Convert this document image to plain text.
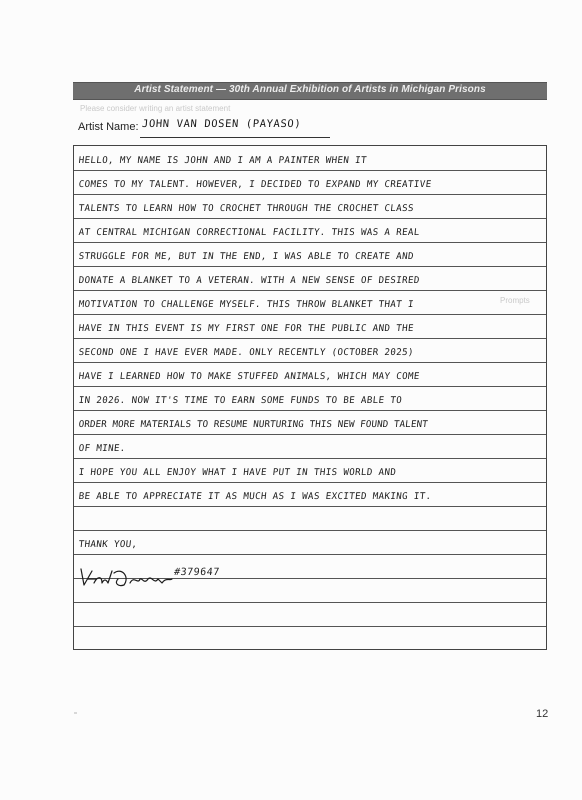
Please consider writing an artist statement
Prompts
Artist Statement — 30th Annual Exhibition of Artists in Michigan Prisons
Artist Name: JOHN VAN DOSEN (PAYASO)
HELLO, MY NAME IS JOHN AND I AM A PAINTER WHEN IT
COMES TO MY TALENT. HOWEVER, I DECIDED TO EXPAND MY CREATIVE
TALENTS TO LEARN HOW TO CROCHET THROUGH THE CROCHET CLASS
AT CENTRAL MICHIGAN CORRECTIONAL FACILITY. THIS WAS A REAL
STRUGGLE FOR ME, BUT IN THE END, I WAS ABLE TO CREATE AND
DONATE A BLANKET TO A VETERAN. WITH A NEW SENSE OF DESIRED
MOTIVATION TO CHALLENGE MYSELF. THIS THROW BLANKET THAT I
HAVE IN THIS EVENT IS MY FIRST ONE FOR THE PUBLIC AND THE
SECOND ONE I HAVE EVER MADE. ONLY RECENTLY (OCTOBER 2025)
HAVE I LEARNED HOW TO MAKE STUFFED ANIMALS, WHICH MAY COME
IN 2026. NOW IT'S TIME TO EARN SOME FUNDS TO BE ABLE TO
ORDER MORE MATERIALS TO RESUME NURTURING THIS NEW FOUND TALENT
OF MINE.
I HOPE YOU ALL ENJOY WHAT I HAVE PUT IN THIS WORLD AND
BE ABLE TO APPRECIATE IT AS MUCH AS I WAS EXCITED MAKING IT.
THANK YOU,
#379647
12
